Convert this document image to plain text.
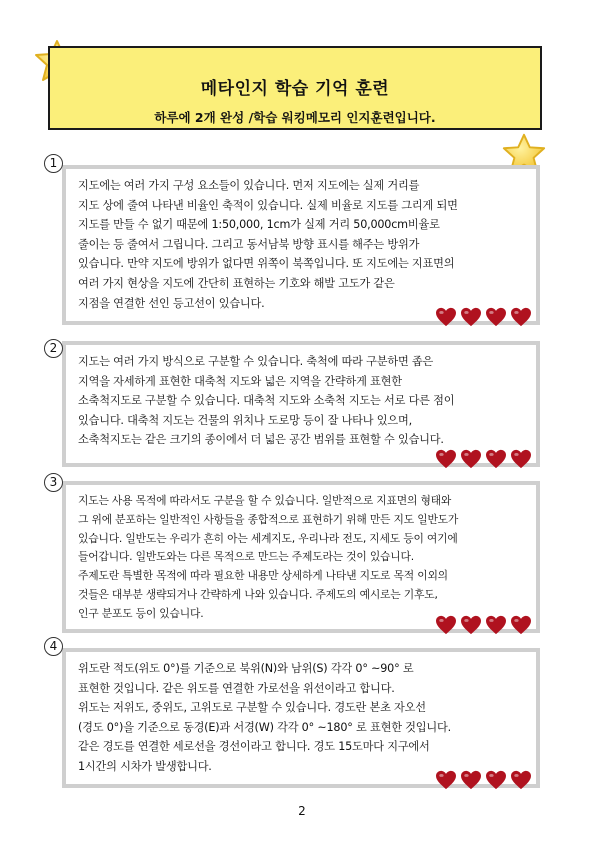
메타인지 학습 기억 훈련
하루에 2개 완성 /학습 워킹메모리 인지훈련입니다.
지도에는 여러 가지 구성 요소들이 있습니다. 먼저 지도에는 실제 거리를
지도 상에 줄여 나타낸 비율인 축적이 있습니다. 실제 비율로 지도를 그리게 되면
지도를 만들 수 없기 때문에 1:50,000, 1cm가 실제 거리 50,000cm비율로
줄이는 등 줄여서 그립니다. 그리고 동서남북 방향 표시를 해주는 방위가
있습니다. 만약 지도에 방위가 없다면 위쪽이 북쪽입니다. 또 지도에는 지표면의
여러 가지 현상을 지도에 간단히 표현하는 기호와 해발 고도가 같은
지점을 연결한 선인 등고선이 있습니다.
1
지도는 여러 가지 방식으로 구분할 수 있습니다. 축척에 따라 구분하면 좁은
지역을 자세하게 표현한 대축척 지도와 넓은 지역을 간략하게 표현한
소축척지도로 구분할 수 있습니다. 대축척 지도와 소축척 지도는 서로 다른 점이
있습니다. 대축척 지도는 건물의 위치나 도로망 등이 잘 나타나 있으며,
소축척지도는 같은 크기의 종이에서 더 넓은 공간 범위를 표현할 수 있습니다.
2
지도는 사용 목적에 따라서도 구분을 할 수 있습니다. 일반적으로 지표면의 형태와
그 위에 분포하는 일반적인 사항들을 종합적으로 표현하기 위해 만든 지도 일반도가
있습니다. 일반도는 우리가 흔히 아는 세계지도, 우리나라 전도, 지세도 등이 여기에
들어갑니다. 일반도와는 다른 목적으로 만드는 주제도라는 것이 있습니다.
주제도란 특별한 목적에 따라 필요한 내용만 상세하게 나타낸 지도로 목적 이외의
것들은 대부분 생략되거나 간략하게 나와 있습니다. 주제도의 예시로는 기후도,
인구 분포도 등이 있습니다.
3
위도란 적도(위도 0°)를 기준으로 북위(N)와 남위(S) 각각 0° ~90° 로
표현한 것입니다. 같은 위도를 연결한 가로선을 위선이라고 합니다.
위도는 저위도, 중위도, 고위도로 구분할 수 있습니다. 경도란 본초 자오선
(경도 0°)을 기준으로 동경(E)과 서경(W) 각각 0° ~180° 로 표현한 것입니다.
같은 경도를 연결한 세로선을 경선이라고 합니다. 경도 15도마다 지구에서
1시간의 시차가 발생합니다.
4
2
